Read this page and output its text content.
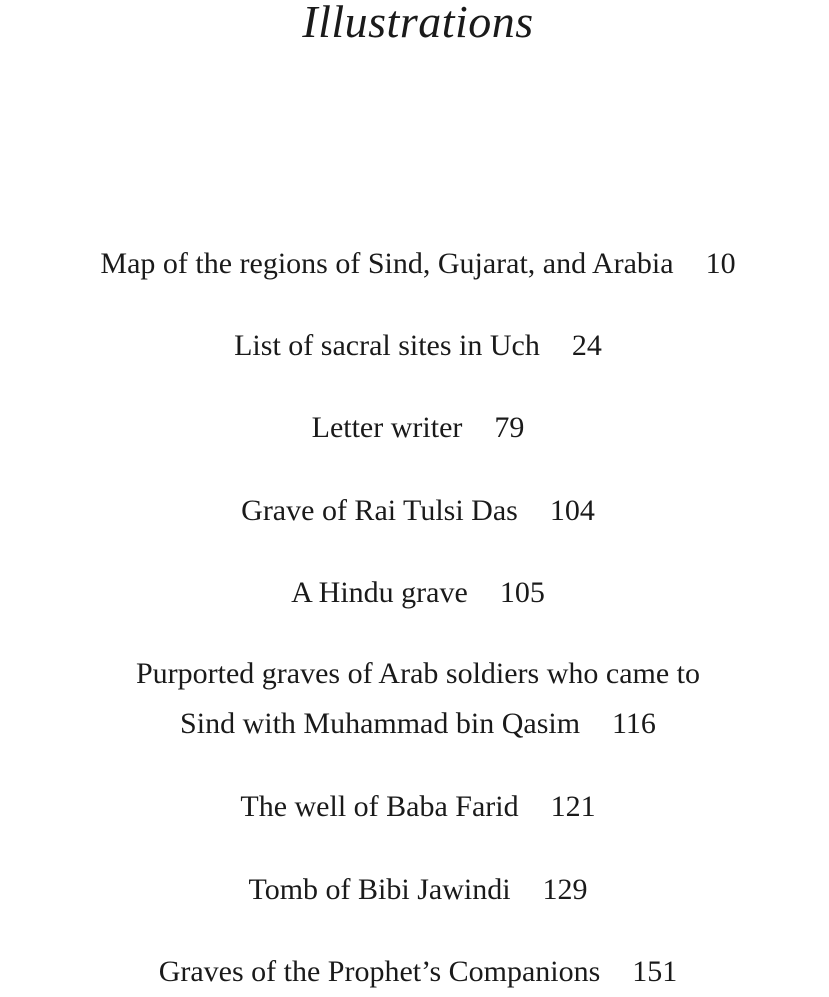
Illustrations
Map of the regions of Sind, Gujarat, and Arabia 10
List of sacral sites in Uch 24
Letter writer 79
Grave of Rai Tulsi Das 104
A Hindu grave 105
Purported graves of Arab soldiers who came to
Sind with Muhammad bin Qasim 116
The well of Baba Farid 121
Tomb of Bibi Jawindi 129
Graves of the Prophet’s Companions 151
